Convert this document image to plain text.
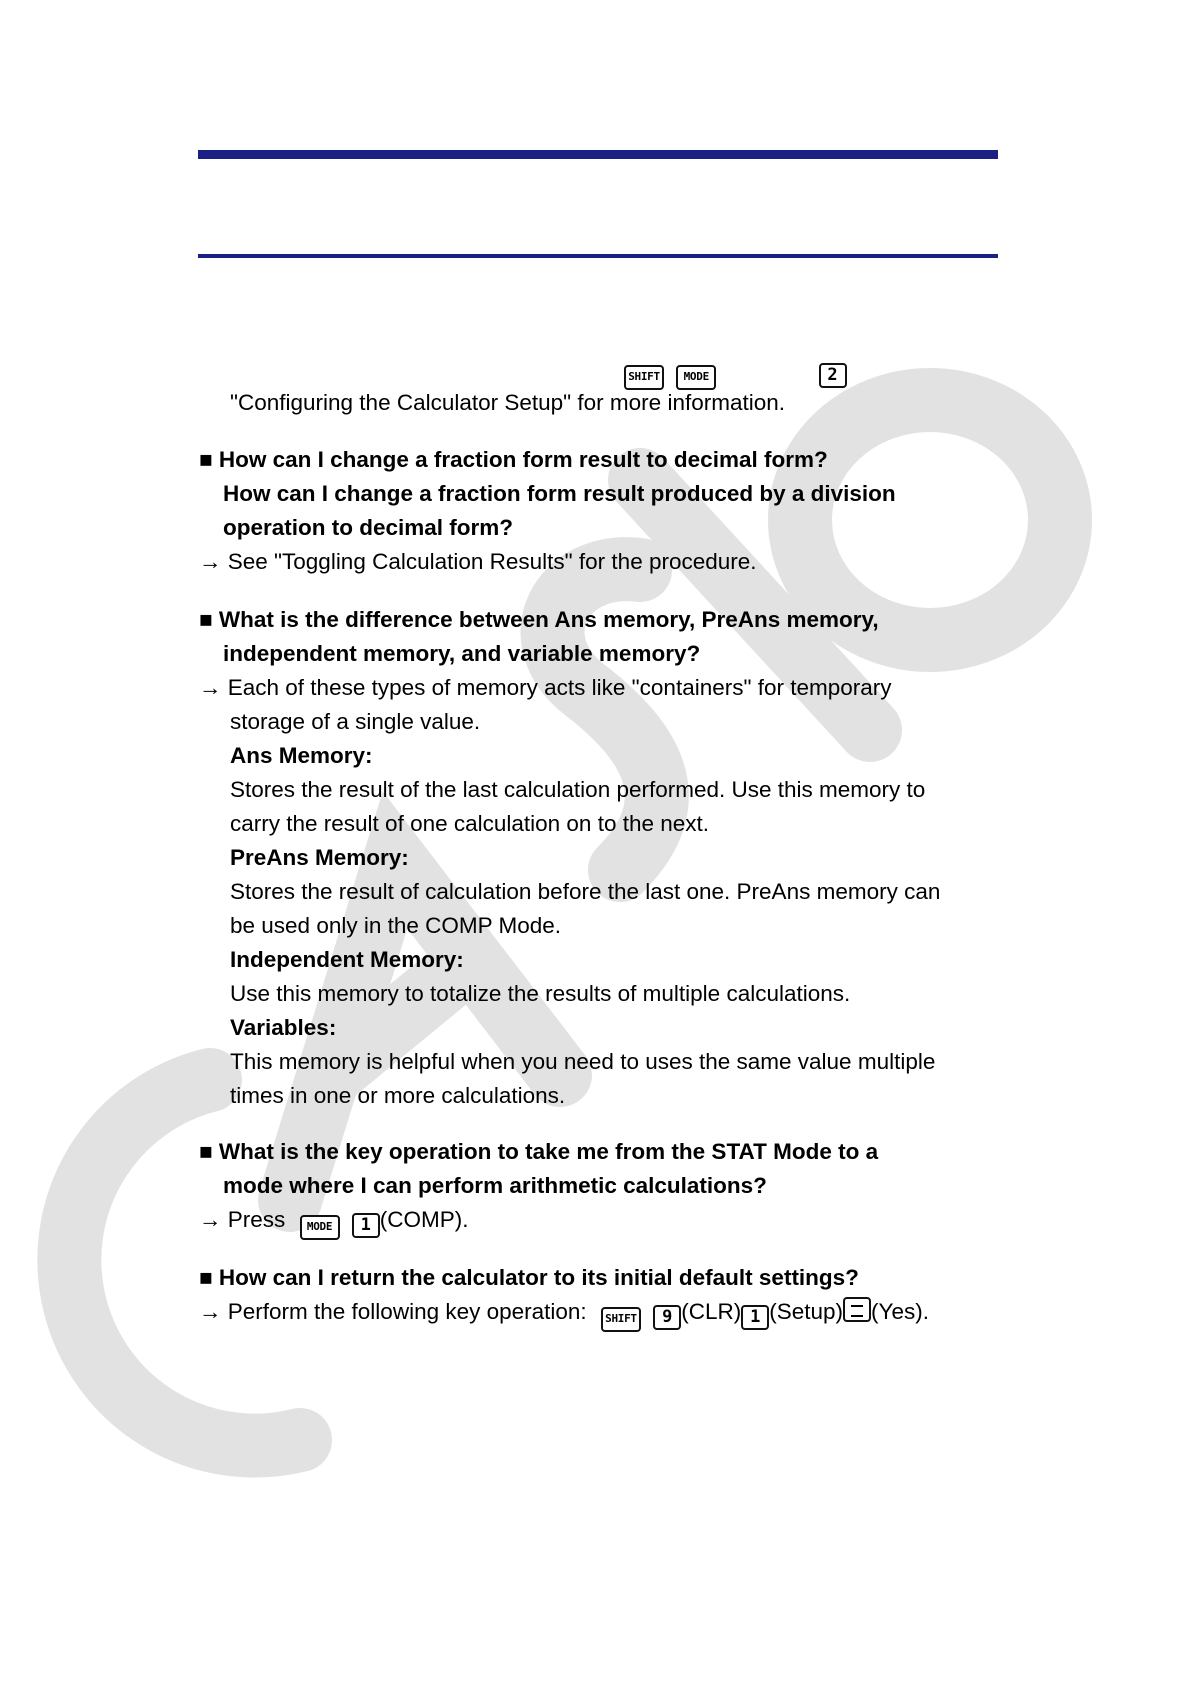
SHIFT MODE	2
"Configuring the Calculator Setup" for more information.
■ How can I change a fraction form result to decimal form?
How can I change a fraction form result produced by a division
operation to decimal form?
→ See "Toggling Calculation Results" for the procedure.
■ What is the difference between Ans memory, PreAns memory,
independent memory, and variable memory?
→ Each of these types of memory acts like "containers" for temporary
storage of a single value.
Ans Memory:
Stores the result of the last calculation performed. Use this memory to
carry the result of one calculation on to the next.
PreAns Memory:
Stores the result of calculation before the last one. PreAns memory can
be used only in the COMP Mode.
Independent Memory:
Use this memory to totalize the results of multiple calculations.
Variables:
This memory is helpful when you need to uses the same value multiple
times in one or more calculations.
■ What is the key operation to take me from the STAT Mode to a
mode where I can perform arithmetic calculations?
→ Press MODE 1 (COMP).
■ How can I return the calculator to its initial default settings?
→ Perform the following key operation: SHIFT 9 (CLR) 1 (Setup) (Yes).
